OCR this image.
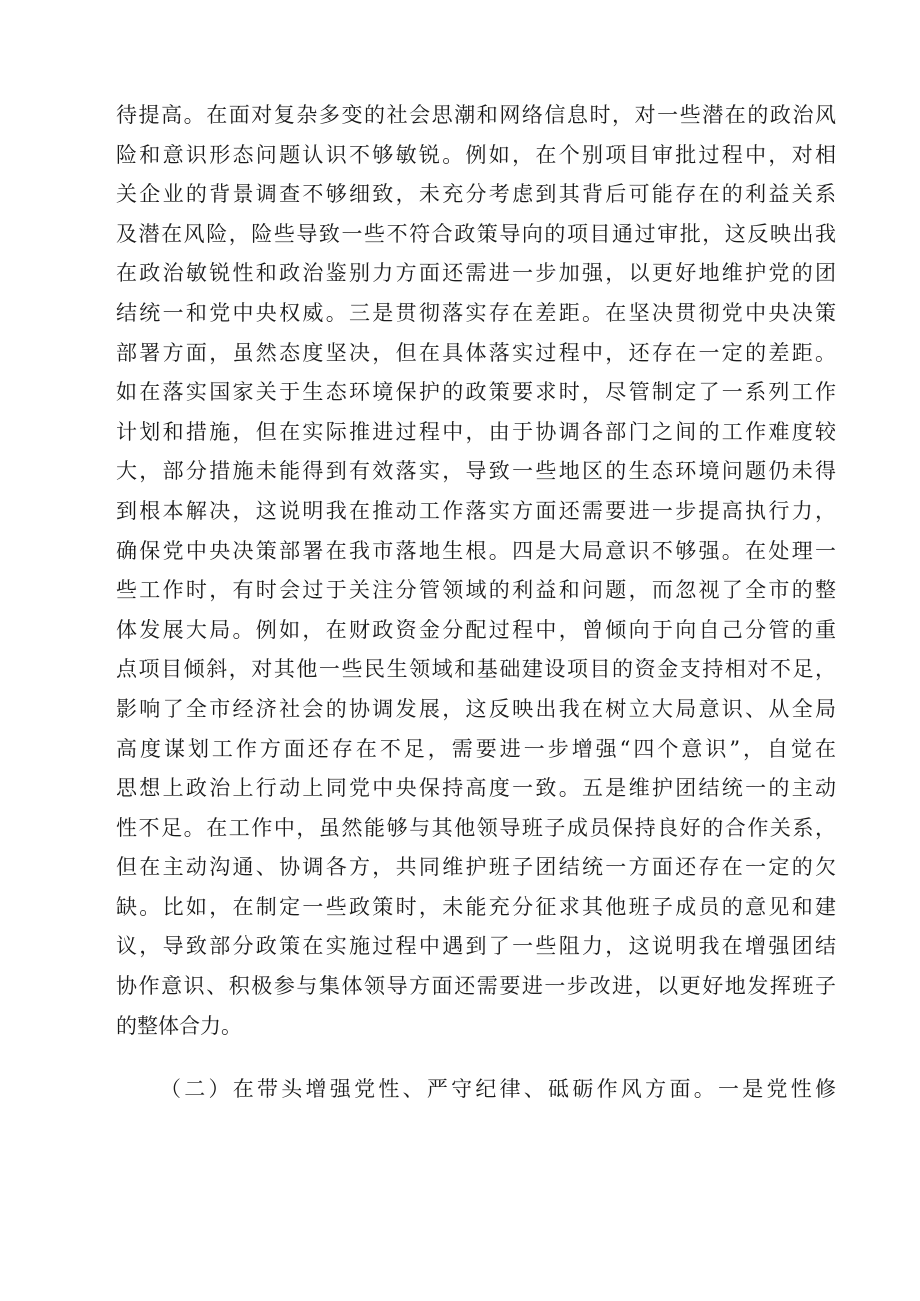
待提高。在面对复杂多变的社会思潮和网络信息时，对一些潜在的政治风
险和意识形态问题认识不够敏锐。例如，在个别项目审批过程中，对相
关企业的背景调查不够细致，未充分考虑到其背后可能存在的利益关系
及潜在风险，险些导致一些不符合政策导向的项目通过审批，这反映出我
在政治敏锐性和政治鉴别力方面还需进一步加强，以更好地维护党的团
结统一和党中央权威。三是贯彻落实存在差距。在坚决贯彻党中央决策
部署方面，虽然态度坚决，但在具体落实过程中，还存在一定的差距。
如在落实国家关于生态环境保护的政策要求时，尽管制定了一系列工作
计划和措施，但在实际推进过程中，由于协调各部门之间的工作难度较
大，部分措施未能得到有效落实，导致一些地区的生态环境问题仍未得
到根本解决，这说明我在推动工作落实方面还需要进一步提高执行力，
确保党中央决策部署在我市落地生根。四是大局意识不够强。在处理一
些工作时，有时会过于关注分管领域的利益和问题，而忽视了全市的整
体发展大局。例如，在财政资金分配过程中，曾倾向于向自己分管的重
点项目倾斜，对其他一些民生领域和基础建设项目的资金支持相对不足，
影响了全市经济社会的协调发展，这反映出我在树立大局意识、从全局
高度谋划工作方面还存在不足，需要进一步增强“四个意识”，自觉在
思想上政治上行动上同党中央保持高度一致。五是维护团结统一的主动
性不足。在工作中，虽然能够与其他领导班子成员保持良好的合作关系，
但在主动沟通、协调各方，共同维护班子团结统一方面还存在一定的欠
缺。比如，在制定一些政策时，未能充分征求其他班子成员的意见和建
议，导致部分政策在实施过程中遇到了一些阻力，这说明我在增强团结
协作意识、积极参与集体领导方面还需要进一步改进，以更好地发挥班子
的整体合力。
（二）在带头增强党性、严守纪律、砥砺作风方面。一是党性修
